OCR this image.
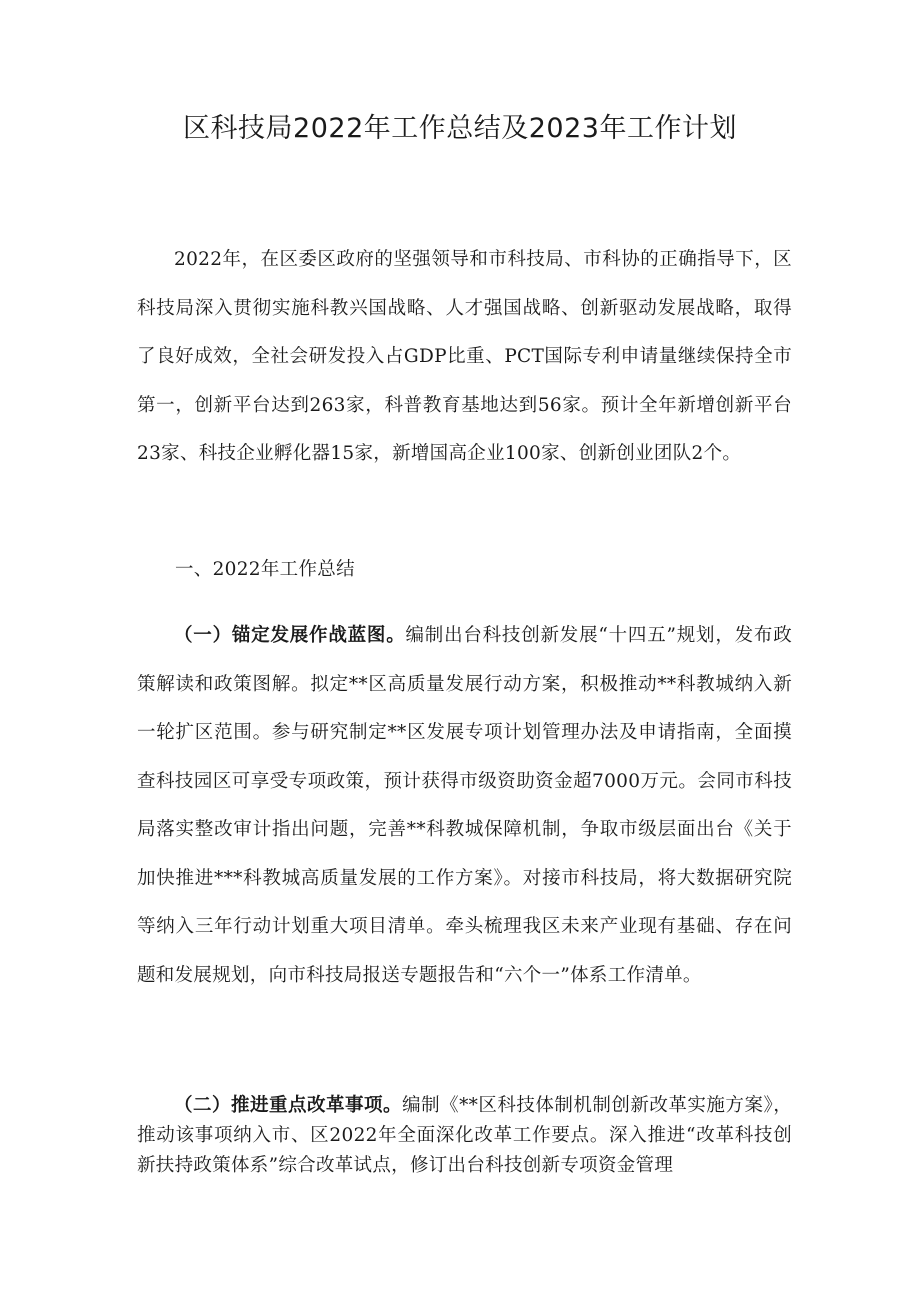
区科技局2022年工作总结及2023年工作计划

2022年，在区委区政府的坚强领导和市科技局、市科协的正确指导下，区科技局深入贯彻实施科教兴国战略、人才强国战略、创新驱动发展战略，取得了良好成效，全社会研发投入占GDP比重、PCT国际专利申请量继续保持全市第一，创新平台达到263家，科普教育基地达到56家。预计全年新增创新平台23家、科技企业孵化器15家，新增国高企业100家、创新创业团队2个。

一、2022年工作总结

（一）锚定发展作战蓝图。编制出台科技创新发展“十四五”规划，发布政策解读和政策图解。拟定**区高质量发展行动方案，积极推动**科教城纳入新一轮扩区范围。参与研究制定**区发展专项计划管理办法及申请指南，全面摸查科技园区可享受专项政策，预计获得市级资助资金超7000万元。会同市科技局落实整改审计指出问题，完善**科教城保障机制，争取市级层面出台《关于加快推进***科教城高质量发展的工作方案》。对接市科技局，将大数据研究院等纳入三年行动计划重大项目清单。牵头梳理我区未来产业现有基础、存在问题和发展规划，向市科技局报送专题报告和“六个一”体系工作清单。

（二）推进重点改革事项。编制《**区科技体制机制创新改革实施方案》，推动该事项纳入市、区2022年全面深化改革工作要点。深入推进“改革科技创新扶持政策体系”综合改革试点，修订出台科技创新专项资金管理
